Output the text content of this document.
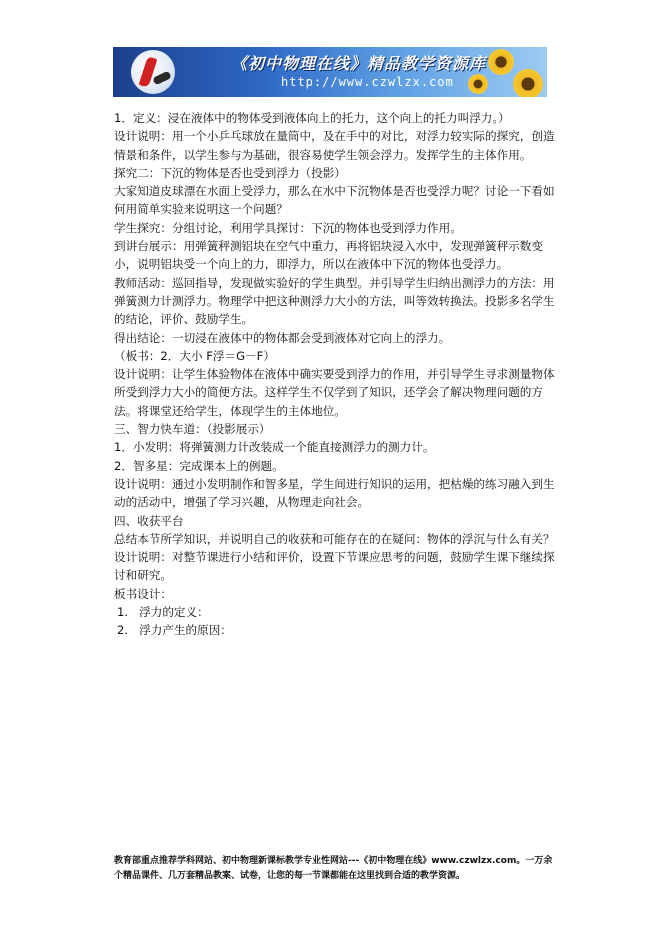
《初中物理在线》精品教学资源库
http://www.czwlzx.com

1．定义：浸在液体中的物体受到液体向上的托力，这个向上的托力叫浮力。）

设计说明：用一个小乒乓球放在量筒中，及在手中的对比，对浮力较实际的探究，创造情景和条件，以学生参与为基础，很容易使学生领会浮力。发挥学生的主体作用。

探究二：下沉的物体是否也受到浮力（投影）

大家知道皮球漂在水面上受浮力，那么在水中下沉物体是否也受浮力呢？讨论一下看如何用简单实验来说明这一个问题？

学生探究：分组讨论，利用学具探讨：下沉的物体也受到浮力作用。

到讲台展示：用弹簧秤测铝块在空气中重力，再将铝块浸入水中，发现弹簧秤示数变小，说明铝块受一个向上的力，即浮力，所以在液体中下沉的物体也受浮力。

教师活动：巡回指导，发现做实验好的学生典型。并引导学生归纳出测浮力的方法：用弹簧测力计测浮力。物理学中把这种测浮力大小的方法，叫等效转换法。投影多名学生的结论，评价、鼓励学生。

得出结论：一切浸在液体中的物体都会受到液体对它向上的浮力。

（板书：2．大小 F浮＝G－F）

设计说明：让学生体验物体在液体中确实要受到浮力的作用，并引导学生寻求测量物体所受到浮力大小的简便方法。这样学生不仅学到了知识，还学会了解决物理问题的方法。将课堂还给学生，体现学生的主体地位。

三、智力快车道：（投影展示）

1．小发明：将弹簧测力计改装成一个能直接测浮力的测力计。

2．智多星：完成课本上的例题。

设计说明：通过小发明制作和智多星，学生间进行知识的运用，把枯燥的练习融入到生动的活动中，增强了学习兴趣，从物理走向社会。

四、收获平台

总结本节所学知识，并说明自己的收获和可能存在的在疑问：物体的浮沉与什么有关？

设计说明：对整节课进行小结和评价，设置下节课应思考的问题，鼓励学生课下继续探讨和研究。

板书设计：

1. 浮力的定义：

2. 浮力产生的原因：

教育部重点推荐学科网站、初中物理新课标教学专业性网站---《初中物理在线》www.czwlzx.com。一万余
个精品课件、几万套精品教案、试卷，让您的每一节课都能在这里找到合适的教学资源。
